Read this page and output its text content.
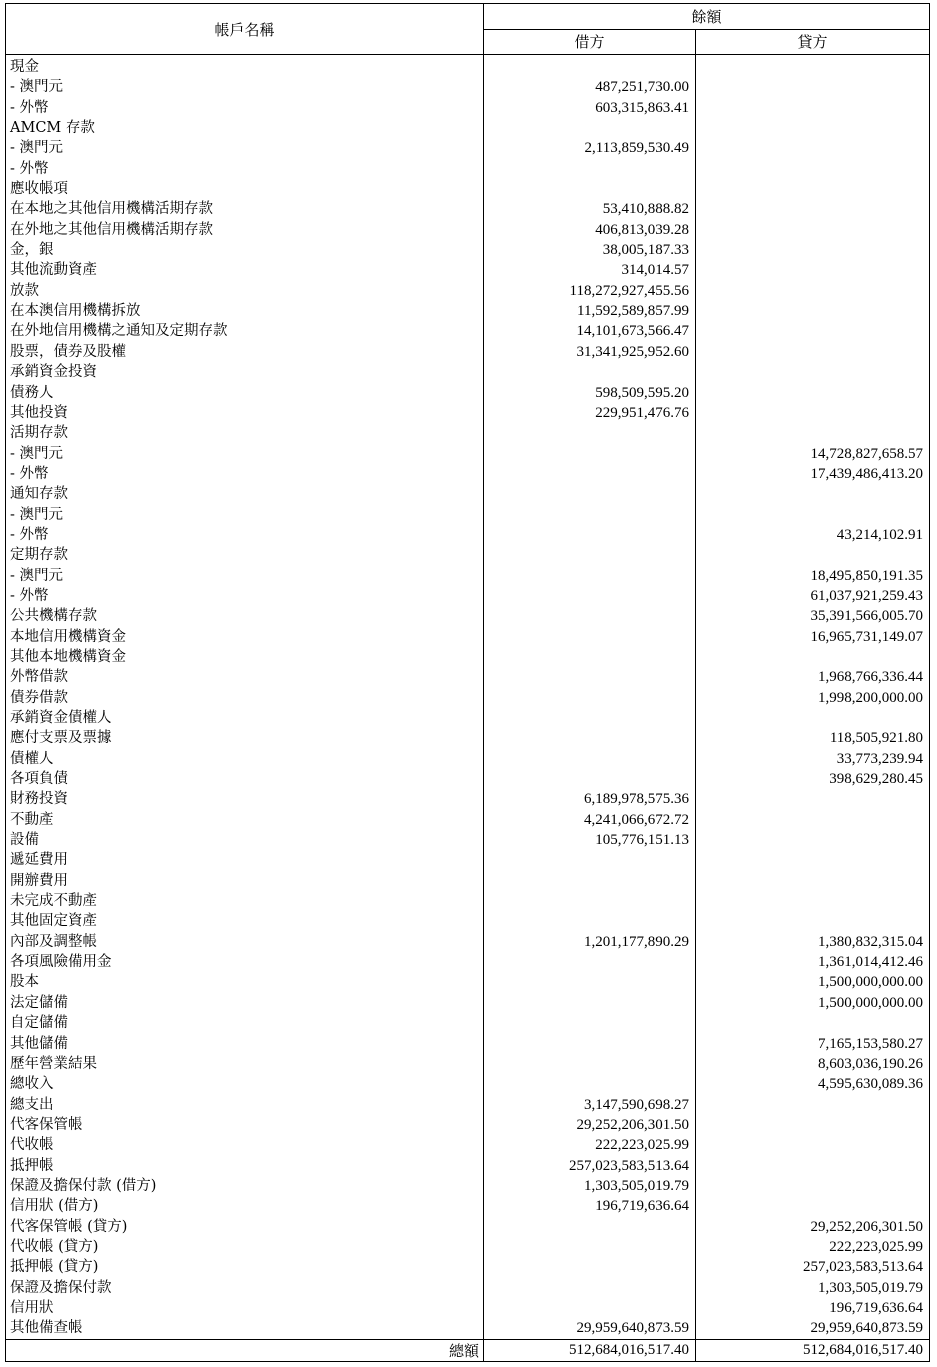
帳戶名稱	餘額	
	借方	貸方
現金		
- 澳門元	487,251,730.00	
- 外幣	603,315,863.41	
AMCM 存款		
- 澳門元	2,113,859,530.49	
- 外幣		
應收帳項		
在本地之其他信用機構活期存款	53,410,888.82	
在外地之其他信用機構活期存款	406,813,039.28	
金，銀	38,005,187.33	
其他流動資產	314,014.57	
放款	118,272,927,455.56	
在本澳信用機構拆放	11,592,589,857.99	
在外地信用機構之通知及定期存款	14,101,673,566.47	
股票，債券及股權	31,341,925,952.60	
承銷資金投資		
債務人	598,509,595.20	
其他投資	229,951,476.76	
活期存款		
- 澳門元		14,728,827,658.57
- 外幣		17,439,486,413.20
通知存款		
- 澳門元		
- 外幣		43,214,102.91
定期存款		
- 澳門元		18,495,850,191.35
- 外幣		61,037,921,259.43
公共機構存款		35,391,566,005.70
本地信用機構資金		16,965,731,149.07
其他本地機構資金		
外幣借款		1,968,766,336.44
債券借款		1,998,200,000.00
承銷資金債權人		
應付支票及票據		118,505,921.80
債權人		33,773,239.94
各項負債		398,629,280.45
財務投資	6,189,978,575.36	
不動產	4,241,066,672.72	
設備	105,776,151.13	
遞延費用		
開辦費用		
未完成不動產		
其他固定資產		
內部及調整帳	1,201,177,890.29	1,380,832,315.04
各項風險備用金		1,361,014,412.46
股本		1,500,000,000.00
法定儲備		1,500,000,000.00
自定儲備		
其他儲備		7,165,153,580.27
歷年營業結果		8,603,036,190.26
總收入		4,595,630,089.36
總支出	3,147,590,698.27	
代客保管帳	29,252,206,301.50	
代收帳	222,223,025.99	
抵押帳	257,023,583,513.64	
保證及擔保付款 (借方)	1,303,505,019.79	
信用狀 (借方)	196,719,636.64	
代客保管帳 (貸方)		29,252,206,301.50
代收帳 (貸方)		222,223,025.99
抵押帳 (貸方)		257,023,583,513.64
保證及擔保付款		1,303,505,019.79
信用狀		196,719,636.64
其他備查帳	29,959,640,873.59	29,959,640,873.59
總額	512,684,016,517.40	512,684,016,517.40
